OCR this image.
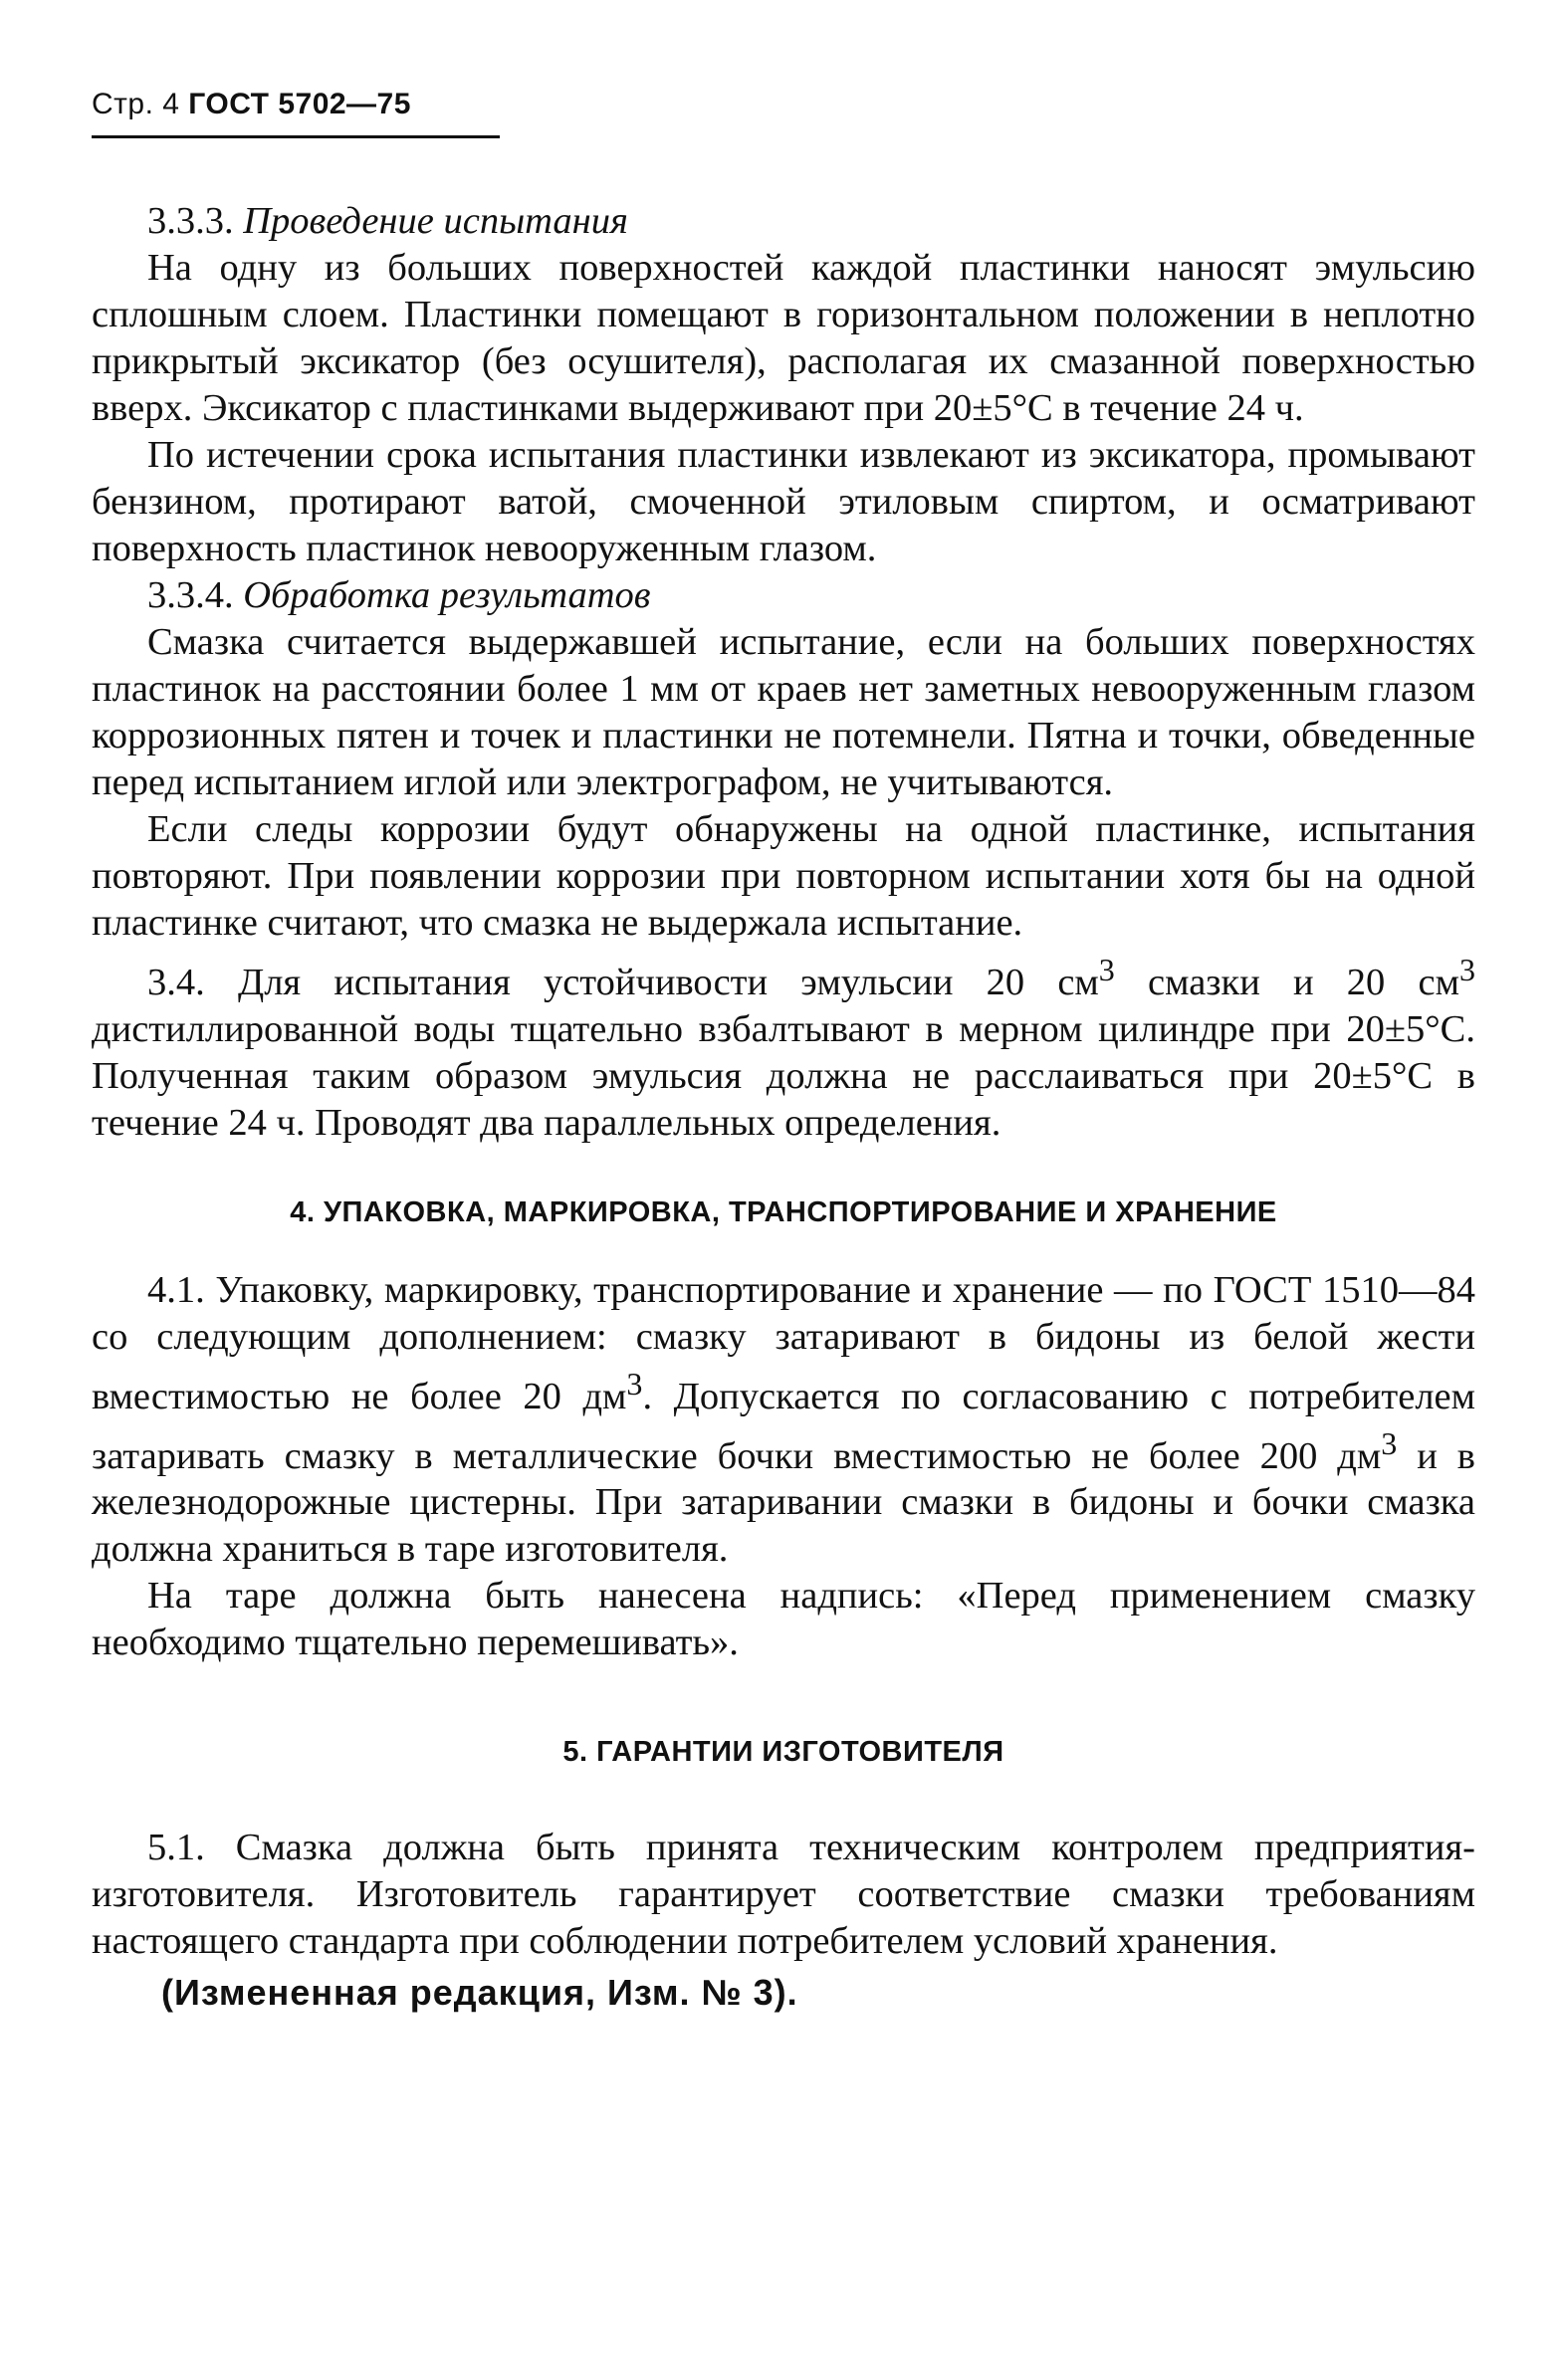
Стр. 4 ГОСТ 5702—75

3.3.3. Проведение испытания

На одну из больших поверхностей каждой пластинки наносят эмульсию сплошным слоем. Пластинки помещают в горизонтальном положении в неплотно прикрытый эксикатор (без осушителя), располагая их смазанной поверхностью вверх. Эксикатор с пластинками выдерживают при 20±5°С в течение 24 ч.

По истечении срока испытания пластинки извлекают из эксикатора, промывают бензином, протирают ватой, смоченной этиловым спиртом, и осматривают поверхность пластинок невооруженным глазом.

3.3.4. Обработка результатов

Смазка считается выдержавшей испытание, если на больших поверхностях пластинок на расстоянии более 1 мм от краев нет заметных невооруженным глазом коррозионных пятен и точек и пластинки не потемнели. Пятна и точки, обведенные перед испытанием иглой или электрографом, не учитываются.

Если следы коррозии будут обнаружены на одной пластинке, испытания повторяют. При появлении коррозии при повторном испытании хотя бы на одной пластинке считают, что смазка не выдержала испытание.

3.4. Для испытания устойчивости эмульсии 20 $см^3$ смазки и 20 $см^3$ дистиллированной воды тщательно взбалтывают в мерном цилиндре при 20±5°С. Полученная таким образом эмульсия должна не расслаиваться при 20±5°С в течение 24 ч. Проводят два параллельных определения.

4. УПАКОВКА, МАРКИРОВКА, ТРАНСПОРТИРОВАНИЕ И ХРАНЕНИЕ

4.1. Упаковку, маркировку, транспортирование и хранение — по ГОСТ 1510—84 со следующим дополнением: смазку затаривают в бидоны из белой жести вместимостью не более 20 $дм^3$. Допускается по согласованию с потребителем затаривать смазку в металлические бочки вместимостью не более 200 $дм^3$ и в железнодорожные цистерны. При затаривании смазки в бидоны и бочки смазка должна храниться в таре изготовителя.

На таре должна быть нанесена надпись: «Перед применением смазку необходимо тщательно перемешивать».

5. ГАРАНТИИ ИЗГОТОВИТЕЛЯ

5.1. Смазка должна быть принята техническим контролем предприятия-изготовителя. Изготовитель гарантирует соответствие смазки требованиям настоящего стандарта при соблюдении потребителем условий хранения.

(Измененная редакция, Изм. № 3).
